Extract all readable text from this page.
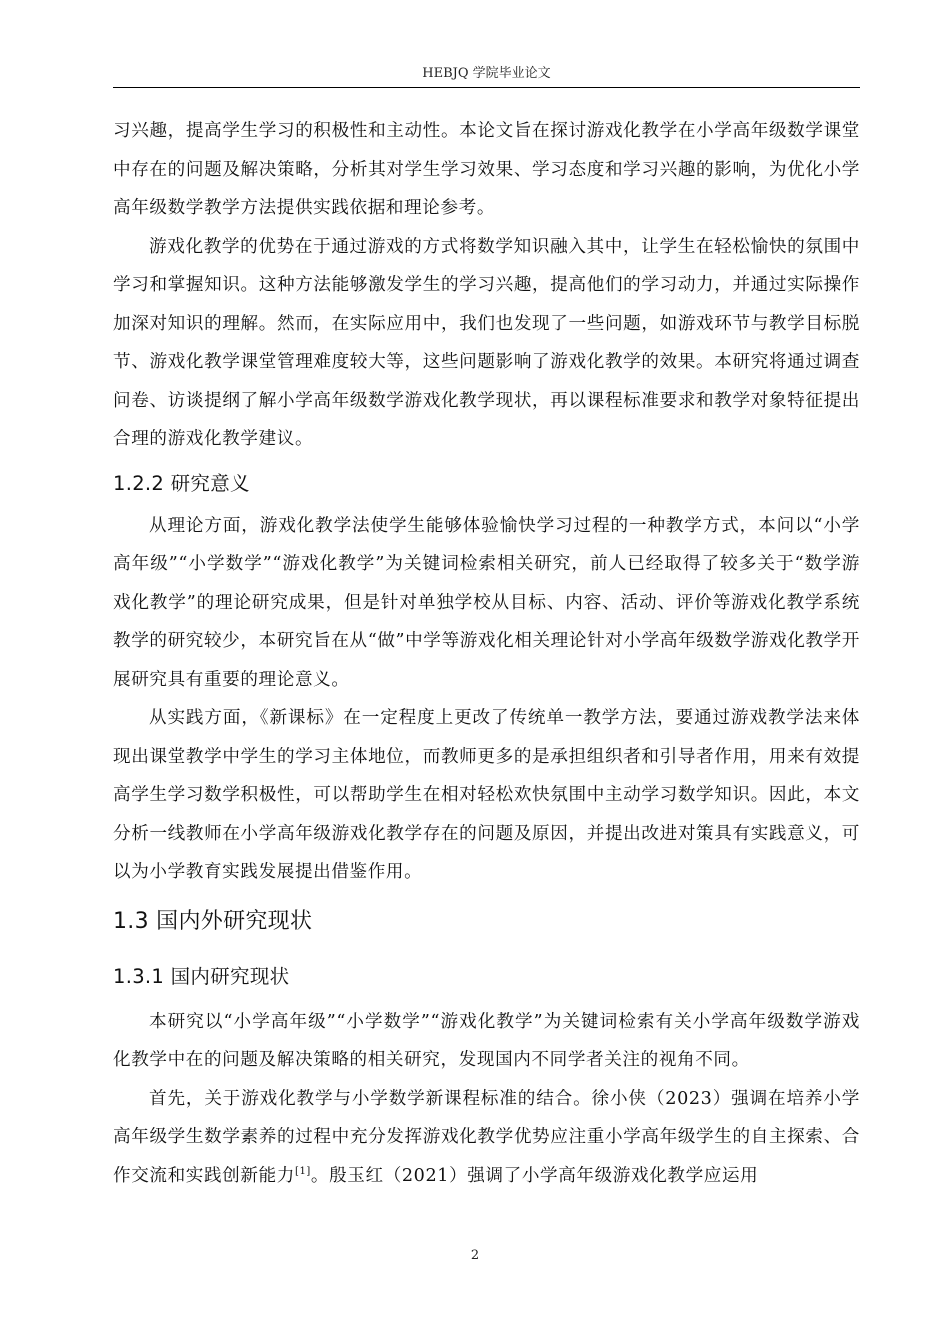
HEBJQ 学院毕业论文

习兴趣，提高学生学习的积极性和主动性。本论文旨在探讨游戏化教学在小学高年级数学课堂中存在的问题及解决策略，分析其对学生学习效果、学习态度和学习兴趣的影响，为优化小学高年级数学教学方法提供实践依据和理论参考。

游戏化教学的优势在于通过游戏的方式将数学知识融入其中，让学生在轻松愉快的氛围中学习和掌握知识。这种方法能够激发学生的学习兴趣，提高他们的学习动力，并通过实际操作加深对知识的理解。然而，在实际应用中，我们也发现了一些问题，如游戏环节与教学目标脱节、游戏化教学课堂管理难度较大等，这些问题影响了游戏化教学的效果。本研究将通过调查问卷、访谈提纲了解小学高年级数学游戏化教学现状，再以课程标准要求和教学对象特征提出合理的游戏化教学建议。

1.2.2 研究意义

从理论方面，游戏化教学法使学生能够体验愉快学习过程的一种教学方式，本问以“小学高年级”“小学数学”“游戏化教学”为关键词检索相关研究，前人已经取得了较多关于“数学游戏化教学”的理论研究成果，但是针对单独学校从目标、内容、活动、评价等游戏化教学系统教学的研究较少，本研究旨在从“做”中学等游戏化相关理论针对小学高年级数学游戏化教学开展研究具有重要的理论意义。

从实践方面，《新课标》在一定程度上更改了传统单一教学方法，要通过游戏教学法来体现出课堂教学中学生的学习主体地位，而教师更多的是承担组织者和引导者作用，用来有效提高学生学习数学积极性，可以帮助学生在相对轻松欢快氛围中主动学习数学知识。因此，本文分析一线教师在小学高年级游戏化教学存在的问题及原因，并提出改进对策具有实践意义，可以为小学教育实践发展提出借鉴作用。

1.3 国内外研究现状
1.3.1 国内研究现状

本研究以“小学高年级”“小学数学”“游戏化教学”为关键词检索有关小学高年级数学游戏化教学中在的问题及解决策略的相关研究，发现国内不同学者关注的视角不同。

首先，关于游戏化教学与小学数学新课程标准的结合。徐小侠（2023）强调在培养小学高年级学生数学素养的过程中充分发挥游戏化教学优势应注重小学高年级学生的自主探索、合作交流和实践创新能力[1]。殷玉红（2021）强调了小学高年级游戏化教学应运用

2
